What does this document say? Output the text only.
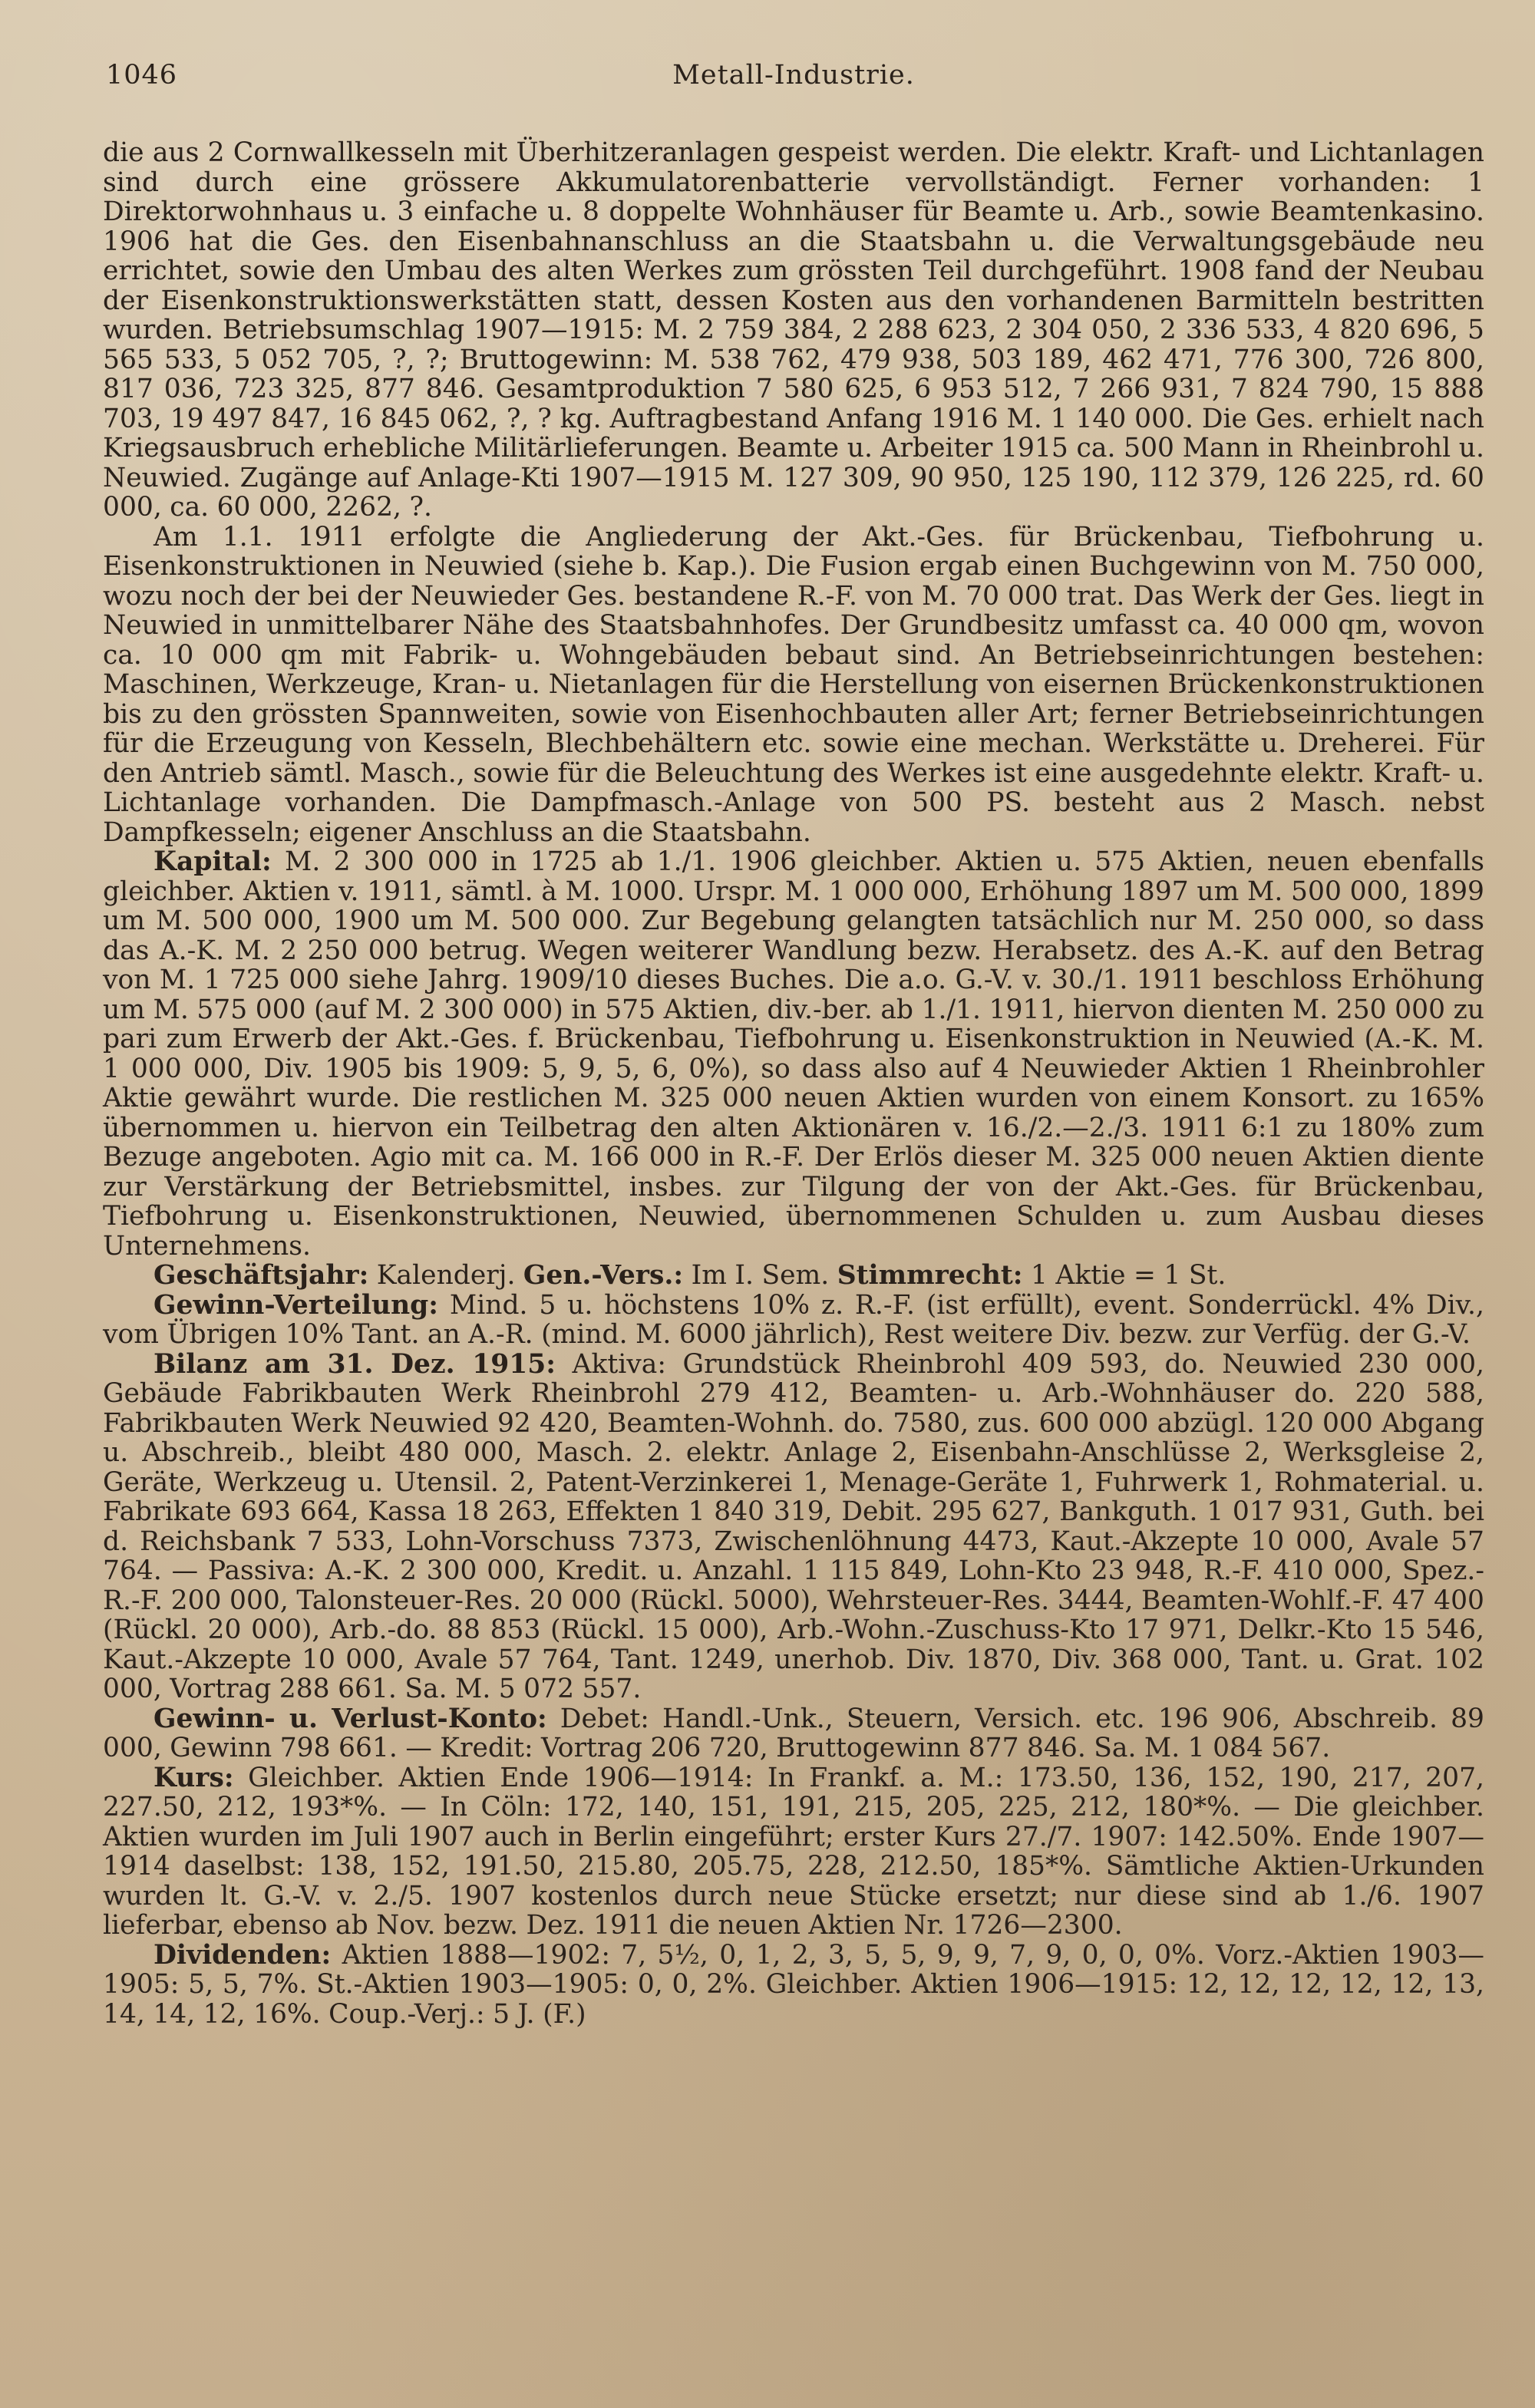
1046	Metall-Industrie.

die aus 2 Cornwallkesseln mit Überhitzeranlagen gespeist werden. Die elektr. Kraft- und Lichtanlagen sind durch eine grössere Akkumulatorenbatterie vervollständigt. Ferner vorhanden: 1 Direktorwohnhaus u. 3 einfache u. 8 doppelte Wohnhäuser für Beamte u. Arb., sowie Beamtenkasino. 1906 hat die Ges. den Eisenbahnanschluss an die Staatsbahn u. die Verwaltungsgebäude neu errichtet, sowie den Umbau des alten Werkes zum grössten Teil durchgeführt. 1908 fand der Neubau der Eisenkonstruktionswerkstätten statt, dessen Kosten aus den vorhandenen Barmitteln bestritten wurden. Betriebsumschlag 1907—1915: M. 2 759 384, 2 288 623, 2 304 050, 2 336 533, 4 820 696, 5 565 533, 5 052 705, ?, ?; Bruttogewinn: M. 538 762, 479 938, 503 189, 462 471, 776 300, 726 800, 817 036, 723 325, 877 846. Gesamtproduktion 7 580 625, 6 953 512, 7 266 931, 7 824 790, 15 888 703, 19 497 847, 16 845 062, ?, ? kg. Auftragbestand Anfang 1916 M. 1 140 000. Die Ges. erhielt nach Kriegsausbruch erhebliche Militärlieferungen. Beamte u. Arbeiter 1915 ca. 500 Mann in Rheinbrohl u. Neuwied. Zugänge auf Anlage-Kti 1907—1915 M. 127 309, 90 950, 125 190, 112 379, 126 225, rd. 60 000, ca. 60 000, 2262, ?.

Am 1.1. 1911 erfolgte die Angliederung der Akt.-Ges. für Brückenbau, Tiefbohrung u. Eisenkonstruktionen in Neuwied (siehe b. Kap.). Die Fusion ergab einen Buchgewinn von M. 750 000, wozu noch der bei der Neuwieder Ges. bestandene R.-F. von M. 70 000 trat. Das Werk der Ges. liegt in Neuwied in unmittelbarer Nähe des Staatsbahnhofes. Der Grundbesitz umfasst ca. 40 000 qm, wovon ca. 10 000 qm mit Fabrik- u. Wohngebäuden bebaut sind. An Betriebseinrichtungen bestehen: Maschinen, Werkzeuge, Kran- u. Nietanlagen für die Herstellung von eisernen Brückenkonstruktionen bis zu den grössten Spannweiten, sowie von Eisenhochbauten aller Art; ferner Betriebseinrichtungen für die Erzeugung von Kesseln, Blechbehältern etc. sowie eine mechan. Werkstätte u. Dreherei. Für den Antrieb sämtl. Masch., sowie für die Beleuchtung des Werkes ist eine ausgedehnte elektr. Kraft- u. Lichtanlage vorhanden. Die Dampfmasch.-Anlage von 500 PS. besteht aus 2 Masch. nebst Dampfkesseln; eigener Anschluss an die Staatsbahn.

Kapital: M. 2 300 000 in 1725 ab 1./1. 1906 gleichber. Aktien u. 575 Aktien, neuen ebenfalls gleichber. Aktien v. 1911, sämtl. à M. 1000. Urspr. M. 1 000 000, Erhöhung 1897 um M. 500 000, 1899 um M. 500 000, 1900 um M. 500 000. Zur Begebung gelangten tatsächlich nur M. 250 000, so dass das A.-K. M. 2 250 000 betrug. Wegen weiterer Wandlung bezw. Herabsetz. des A.-K. auf den Betrag von M. 1 725 000 siehe Jahrg. 1909/10 dieses Buches. Die a.o. G.-V. v. 30./1. 1911 beschloss Erhöhung um M. 575 000 (auf M. 2 300 000) in 575 Aktien, div.-ber. ab 1./1. 1911, hiervon dienten M. 250 000 zu pari zum Erwerb der Akt.-Ges. f. Brückenbau, Tiefbohrung u. Eisenkonstruktion in Neuwied (A.-K. M. 1 000 000, Div. 1905 bis 1909: 5, 9, 5, 6, 0%), so dass also auf 4 Neuwieder Aktien 1 Rheinbrohler Aktie gewährt wurde. Die restlichen M. 325 000 neuen Aktien wurden von einem Konsort. zu 165% übernommen u. hiervon ein Teilbetrag den alten Aktionären v. 16./2.—2./3. 1911 6:1 zu 180% zum Bezuge angeboten. Agio mit ca. M. 166 000 in R.-F. Der Erlös dieser M. 325 000 neuen Aktien diente zur Verstärkung der Betriebsmittel, insbes. zur Tilgung der von der Akt.-Ges. für Brückenbau, Tiefbohrung u. Eisenkonstruktionen, Neuwied, übernommenen Schulden u. zum Ausbau dieses Unternehmens.

Geschäftsjahr: Kalenderj. Gen.-Vers.: Im I. Sem. Stimmrecht: 1 Aktie = 1 St.

Gewinn-Verteilung: Mind. 5 u. höchstens 10% z. R.-F. (ist erfüllt), event. Sonderrückl. 4% Div., vom Übrigen 10% Tant. an A.-R. (mind. M. 6000 jährlich), Rest weitere Div. bezw. zur Verfüg. der G.-V.

Bilanz am 31. Dez. 1915: Aktiva: Grundstück Rheinbrohl 409 593, do. Neuwied 230 000, Gebäude Fabrikbauten Werk Rheinbrohl 279 412, Beamten- u. Arb.-Wohnhäuser do. 220 588, Fabrikbauten Werk Neuwied 92 420, Beamten-Wohnh. do. 7580, zus. 600 000 abzügl. 120 000 Abgang u. Abschreib., bleibt 480 000, Masch. 2. elektr. Anlage 2, Eisenbahn-Anschlüsse 2, Werksgleise 2, Geräte, Werkzeug u. Utensil. 2, Patent-Verzinkerei 1, Menage-Geräte 1, Fuhrwerk 1, Rohmaterial. u. Fabrikate 693 664, Kassa 18 263, Effekten 1 840 319, Debit. 295 627, Bankguth. 1 017 931, Guth. bei d. Reichsbank 7 533, Lohn-Vorschuss 7373, Zwischenlöhnung 4473, Kaut.-Akzepte 10 000, Avale 57 764. — Passiva: A.-K. 2 300 000, Kredit. u. Anzahl. 1 115 849, Lohn-Kto 23 948, R.-F. 410 000, Spez.-R.-F. 200 000, Talonsteuer-Res. 20 000 (Rückl. 5000), Wehrsteuer-Res. 3444, Beamten-Wohlf.-F. 47 400 (Rückl. 20 000), Arb.-do. 88 853 (Rückl. 15 000), Arb.-Wohn.-Zuschuss-Kto 17 971, Delkr.-Kto 15 546, Kaut.-Akzepte 10 000, Avale 57 764, Tant. 1249, unerhob. Div. 1870, Div. 368 000, Tant. u. Grat. 102 000, Vortrag 288 661. Sa. M. 5 072 557.

Gewinn- u. Verlust-Konto: Debet: Handl.-Unk., Steuern, Versich. etc. 196 906, Abschreib. 89 000, Gewinn 798 661. — Kredit: Vortrag 206 720, Bruttogewinn 877 846. Sa. M. 1 084 567.

Kurs: Gleichber. Aktien Ende 1906—1914: In Frankf. a. M.: 173.50, 136, 152, 190, 217, 207, 227.50, 212, 193*%. — In Cöln: 172, 140, 151, 191, 215, 205, 225, 212, 180*%. — Die gleichber. Aktien wurden im Juli 1907 auch in Berlin eingeführt; erster Kurs 27./7. 1907: 142.50%. Ende 1907—1914 daselbst: 138, 152, 191.50, 215.80, 205.75, 228, 212.50, 185*%. Sämtliche Aktien-Urkunden wurden lt. G.-V. v. 2./5. 1907 kostenlos durch neue Stücke ersetzt; nur diese sind ab 1./6. 1907 lieferbar, ebenso ab Nov. bezw. Dez. 1911 die neuen Aktien Nr. 1726—2300.

Dividenden: Aktien 1888—1902: 7, 5½, 0, 1, 2, 3, 5, 5, 9, 9, 7, 9, 0, 0, 0%. Vorz.-Aktien 1903—1905: 5, 5, 7%. St.-Aktien 1903—1905: 0, 0, 2%. Gleichber. Aktien 1906—1915: 12, 12, 12, 12, 12, 13, 14, 14, 12, 16%. Coup.-Verj.: 5 J. (F.)
